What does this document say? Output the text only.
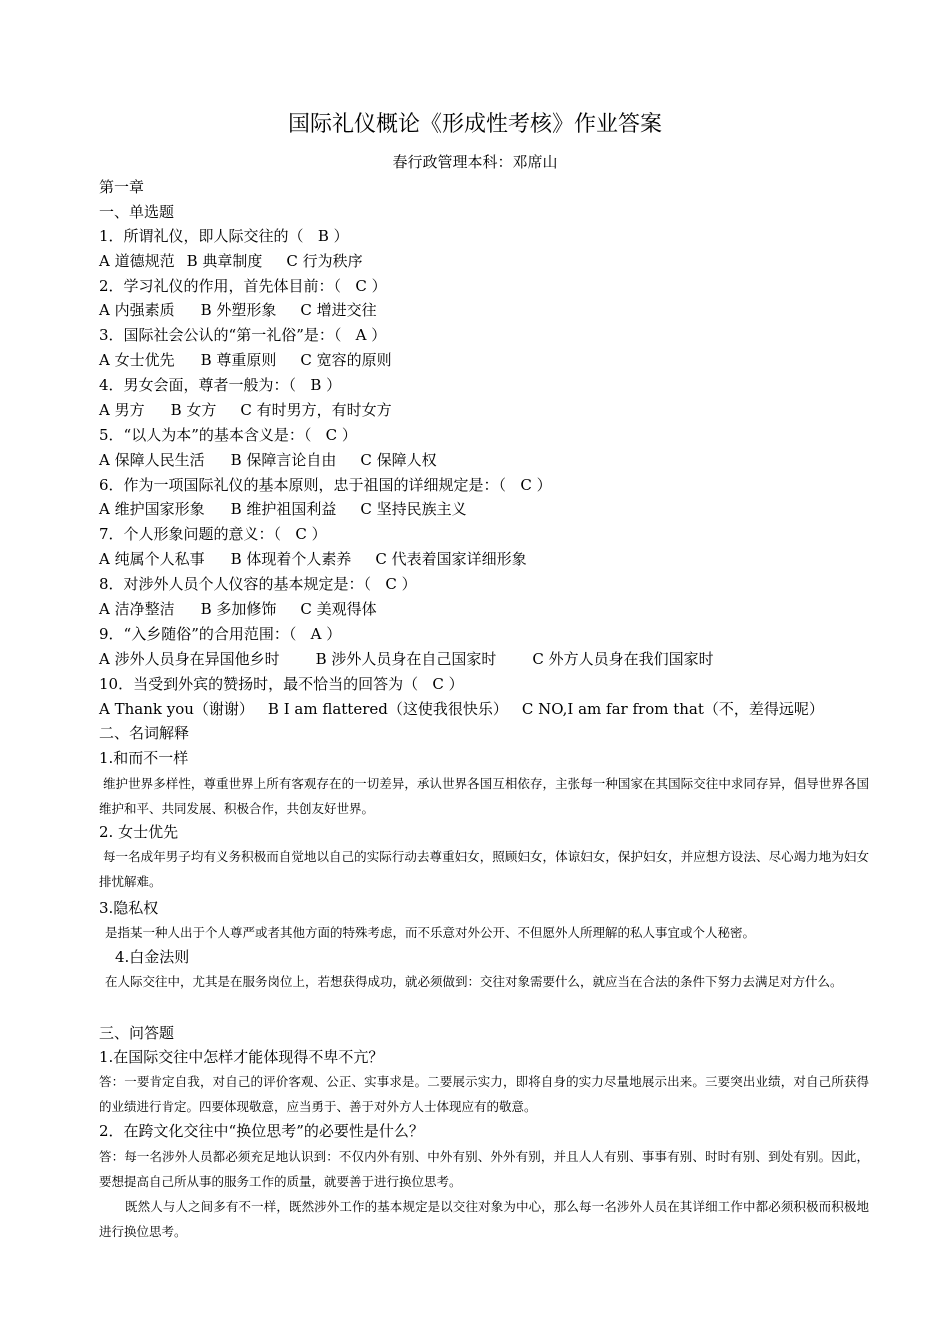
国际礼仪概论《形成性考核》作业答案
春行政管理本科：邓席山
第一章
一、单选题
1．所谓礼仪，即人际交往的（   B ）
A 道德规范 B 典章制度 C 行为秩序
2．学习礼仪的作用，首先体目前：（   C ）
A 内强素质 B 外塑形象 C 增进交往
3．国际社会公认的“第一礼俗”是：（   A ）
A 女士优先 B 尊重原则 C 宽容的原则
4．男女会面，尊者一般为：（   B ）
A 男方 B 女方 C 有时男方，有时女方
5．“以人为本”的基本含义是：（   C ）
A 保障人民生活 B 保障言论自由 C 保障人权
6．作为一项国际礼仪的基本原则，忠于祖国的详细规定是：（   C ）
A 维护国家形象 B 维护祖国利益 C 坚持民族主义
7．个人形象问题的意义：（   C ）
A 纯属个人私事 B 体现着个人素养 C 代表着国家详细形象
8．对涉外人员个人仪容的基本规定是：（   C ）
A 洁净整洁 B 多加修饰 C 美观得体
9．“入乡随俗”的合用范围：（   A ）
A 涉外人员身在异国他乡时 B 涉外人员身在自己国家时 C 外方人员身在我们国家时
10．当受到外宾的赞扬时，最不恰当的回答为（   C ）
A Thank you（谢谢） B I am flattered（这使我很快乐） C NO,I am far from that（不，差得远呢）
二、名词解释
1.和而不一样
维护世界多样性，尊重世界上所有客观存在的一切差异，承认世界各国互相依存，主张每一种国家在其国际交往中求同存异，倡导世界各国维护和平、共同发展、积极合作，共创友好世界。
2. 女士优先
每一名成年男子均有义务积极而自觉地以自己的实际行动去尊重妇女，照顾妇女，体谅妇女，保护妇女，并应想方设法、尽心竭力地为妇女排忧解难。
3.隐私权
是指某一种人出于个人尊严或者其他方面的特殊考虑，而不乐意对外公开、不但愿外人所理解的私人事宜或个人秘密。
4.白金法则
在人际交往中，尤其是在服务岗位上，若想获得成功，就必须做到：交往对象需要什么，就应当在合法的条件下努力去满足对方什么。
三、问答题
1.在国际交往中怎样才能体现得不卑不亢？
答：一要肯定自我，对自己的评价客观、公正、实事求是。二要展示实力，即将自身的实力尽量地展示出来。三要突出业绩，对自己所获得的业绩进行肯定。四要体现敬意，应当勇于、善于对外方人士体现应有的敬意。
2．在跨文化交往中“换位思考”的必要性是什么？
答：每一名涉外人员都必须充足地认识到：不仅内外有别、中外有别、外外有别，并且人人有别、事事有别、时时有别、到处有别。因此，要想提高自己所从事的服务工作的质量，就要善于进行换位思考。
既然人与人之间多有不一样，既然涉外工作的基本规定是以交往对象为中心，那么每一名涉外人员在其详细工作中都必须积极而积极地进行换位思考。
